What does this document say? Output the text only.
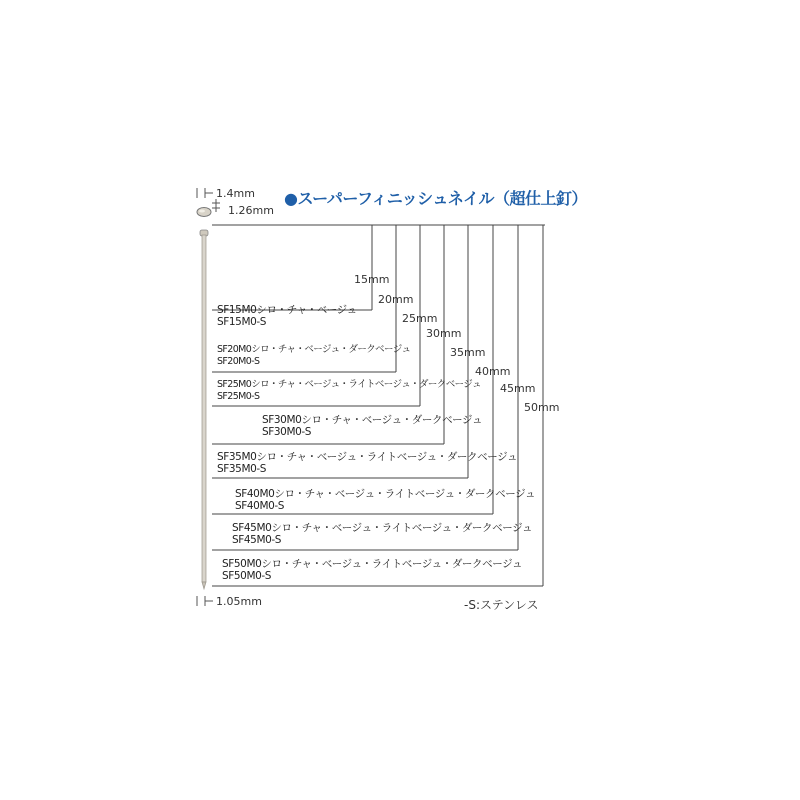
●スーパーフィニッシュネイル（超仕上釘）
1.4mm
1.26mm
1.05mm	-S:ステンレス
15mm
SF15M0シロ・チャ・ベージュ
SF15M0-S
20mm
SF20M0シロ・チャ・ベージュ・ダークベージュ
SF20M0-S
25mm
SF25M0シロ・チャ・ベージュ・ライトベージュ・ダークベージュ
SF25M0-S
30mm
SF30M0シロ・チャ・ベージュ・ダークベージュ
SF30M0-S
35mm
SF35M0シロ・チャ・ベージュ・ライトベージュ・ダークベージュ
SF35M0-S
40mm
SF40M0シロ・チャ・ベージュ・ライトベージュ・ダークベージュ
SF40M0-S
45mm
SF45M0シロ・チャ・ベージュ・ライトベージュ・ダークベージュ
SF45M0-S
50mm
SF50M0シロ・チャ・ベージュ・ライトベージュ・ダークベージュ
SF50M0-S
